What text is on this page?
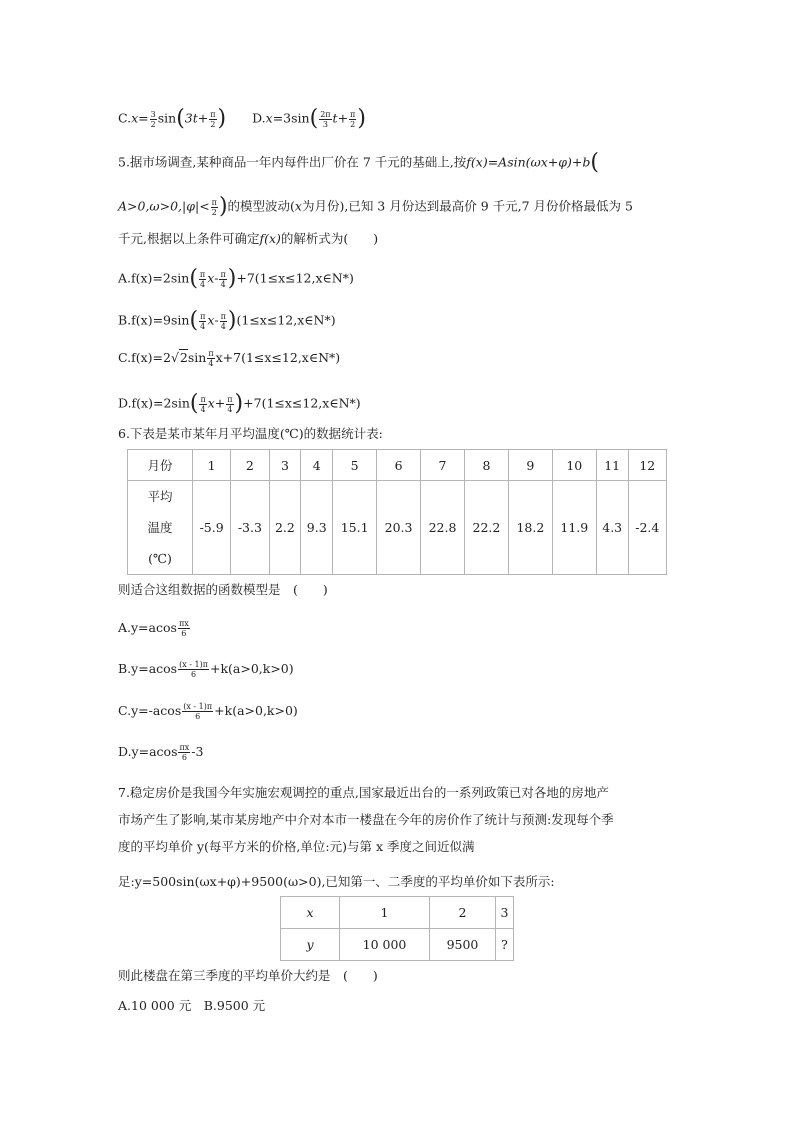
$C.x= \frac{3}{2} \sin(3t+ \frac{\pi}{2}$ ) $D.x=3\sin( \frac{2\pi}{3} t+ \frac{\pi}{2}$ )
5.据市场调查,某种商品一年内每件出厂价在 7 千元的基础上,按f(x)=Asin(ωx+φ)+b(
$A>0,\omega>0,|\varphi|< \frac{\pi}{2}$ )的模型波动(x为月份),已知 3 月份达到最高价 9 千元,7 月份价格最低为 5
千元,根据以上条件可确定f(x)的解析式为(　　)
$A.f(x)=2\sin( \frac{\pi}{4} x- \frac{\pi}{4}$ )+7(1≤x≤12,x∈N*)
$B.f(x)=9\sin( \frac{\pi}{4} x- \frac{\pi}{4}$ )(1≤x≤12,x∈N*)
$C.f(x)=2√2\sin \frac{\pi}{4}$ x+7(1≤x≤12,x∈N*)
$D.f(x)=2\sin( \frac{\pi}{4} x+ \frac{\pi}{4}$ )+7(1≤x≤12,x∈N*)
6.下表是某市某年月平均温度(℃)的数据统计表:
月份	1	2	3	4	5	6	7	8	9	10	11	12
平均
温度
(℃)	-5.9	-3.3	2.2	9.3	15.1	20.3	22.8	22.2	18.2	11.9	4.3	-2.4
则适合这组数据的函数模型是　(　　)
$A.y=acos \frac{\pi x}{6}$
$B.y=acos \frac{(x - 1)\pi}{6} +k(a>0,k>0)$
$C.y=-acos \frac{(x - 1)\pi}{6} +k(a>0,k>0)$
$D.y=acos \frac{\pi x}{6} -3$
7.稳定房价是我国今年实施宏观调控的重点,国家最近出台的一系列政策已对各地的房地产
市场产生了影响,某市某房地产中介对本市一楼盘在今年的房价作了统计与预测:发现每个季
度的平均单价 y(每平方米的价格,单位:元)与第 x 季度之间近似满
足:y=500sin(ωx+φ)+9500(ω>0),已知第一、二季度的平均单价如下表所示:
x	1	2	3
y	10 000	9500	?
则此楼盘在第三季度的平均单价大约是　(　　)
A.10 000 元　B.9500 元
